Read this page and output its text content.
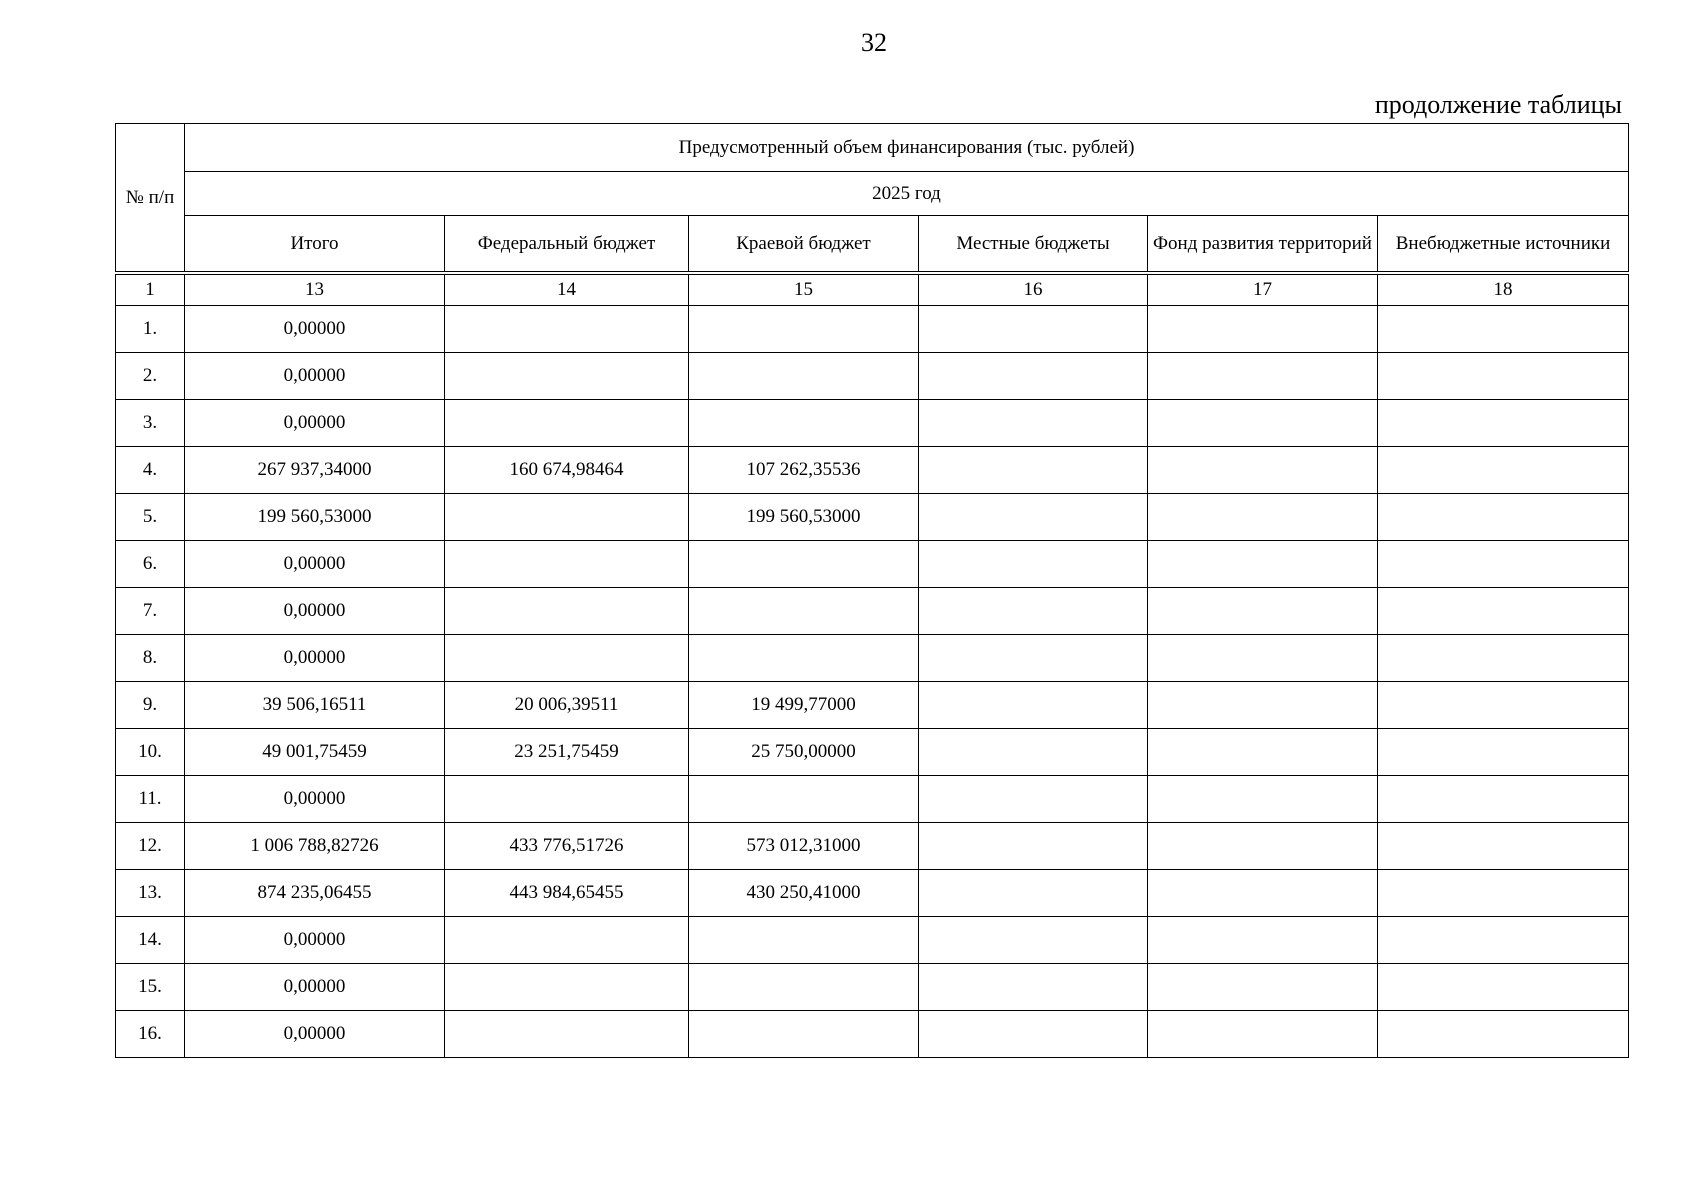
32
продолжение таблицы
№ п/п	Предусмотренный объем финансирования (тыс. рублей)					
	2025 год					
	Итого	Федеральный бюджет	Краевой бюджет	Местные бюджеты	Фонд развития территорий	Внебюджетные источники

1	13	14	15	16	17	18
1.	0,00000					
2.	0,00000					
3.	0,00000					
4.	267 937,34000	160 674,98464	107 262,35536			
5.	199 560,53000		199 560,53000			
6.	0,00000					
7.	0,00000					
8.	0,00000					
9.	39 506,16511	20 006,39511	19 499,77000			
10.	49 001,75459	23 251,75459	25 750,00000			
11.	0,00000					
12.	1 006 788,82726	433 776,51726	573 012,31000			
13.	874 235,06455	443 984,65455	430 250,41000			
14.	0,00000					
15.	0,00000					
16.	0,00000					
